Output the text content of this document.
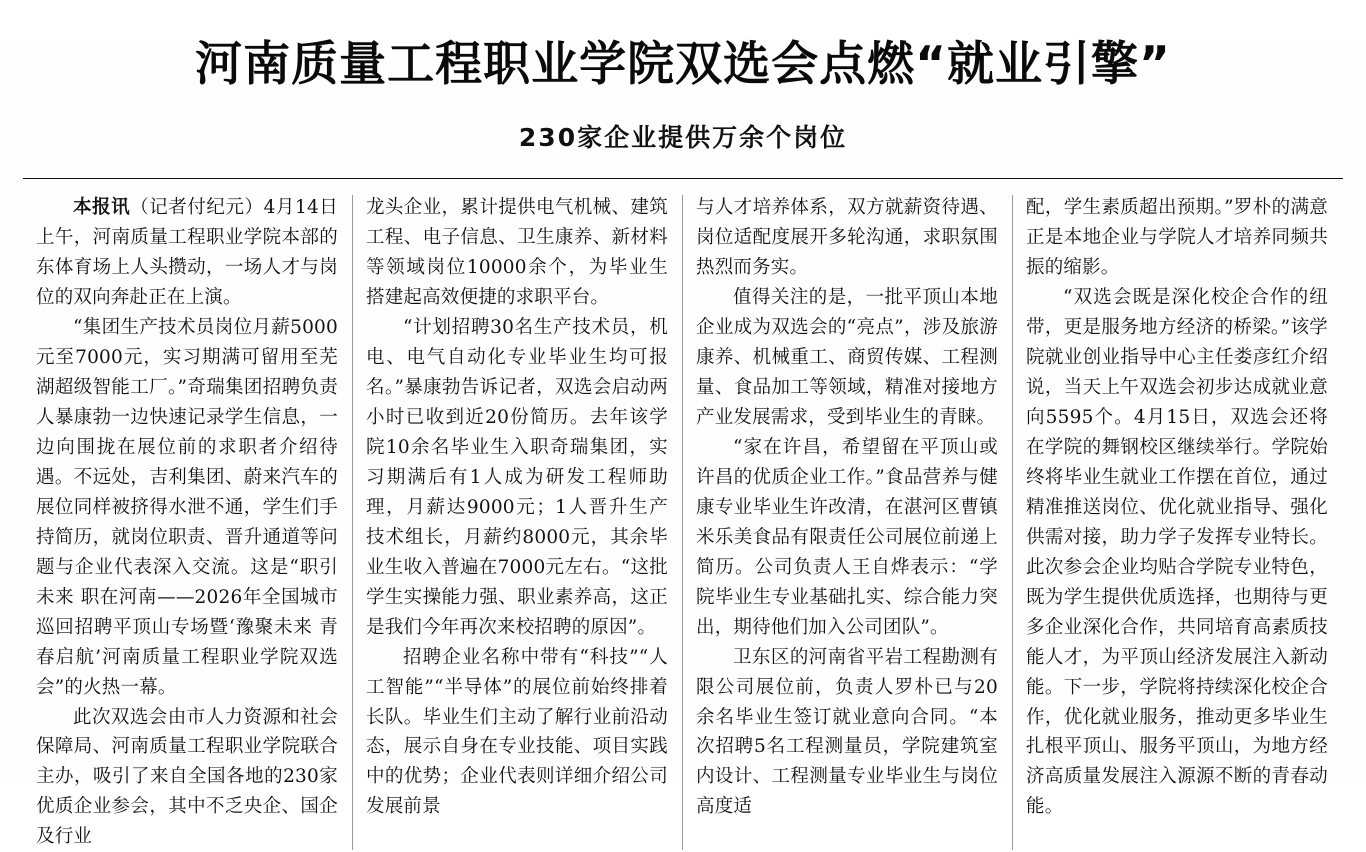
河南质量工程职业学院双选会点燃“就业引擎”
230家企业提供万余个岗位

本报讯（记者付纪元）4月14日上午，河南质量工程职业学院本部的东体育场上人头攒动，一场人才与岗位的双向奔赴正在上演。

“集团生产技术员岗位月薪5000元至7000元，实习期满可留用至芜湖超级智能工厂。”奇瑞集团招聘负责人暴康勃一边快速记录学生信息，一边向围拢在展位前的求职者介绍待遇。不远处，吉利集团、蔚来汽车的展位同样被挤得水泄不通，学生们手持简历，就岗位职责、晋升通道等问题与企业代表深入交流。这是“职引未来 职在河南——2026年全国城市巡回招聘平顶山专场暨‘豫聚未来 青春启航’河南质量工程职业学院双选会”的火热一幕。

此次双选会由市人力资源和社会保障局、河南质量工程职业学院联合主办，吸引了来自全国各地的230家优质企业参会，其中不乏央企、国企及行业

龙头企业，累计提供电气机械、建筑工程、电子信息、卫生康养、新材料等领域岗位10000余个，为毕业生搭建起高效便捷的求职平台。

“计划招聘30名生产技术员，机电、电气自动化专业毕业生均可报名。”暴康勃告诉记者，双选会启动两小时已收到近20份简历。去年该学院10余名毕业生入职奇瑞集团，实习期满后有1人成为研发工程师助理，月薪达9000元；1人晋升生产技术组长，月薪约8000元，其余毕业生收入普遍在7000元左右。“这批学生实操能力强、职业素养高，这正是我们今年再次来校招聘的原因”。

招聘企业名称中带有“科技”“人工智能”“半导体”的展位前始终排着长队。毕业生们主动了解行业前沿动态，展示自身在专业技能、项目实践中的优势；企业代表则详细介绍公司发展前景

与人才培养体系，双方就薪资待遇、岗位适配度展开多轮沟通，求职氛围热烈而务实。

值得关注的是，一批平顶山本地企业成为双选会的“亮点”，涉及旅游康养、机械重工、商贸传媒、工程测量、食品加工等领域，精准对接地方产业发展需求，受到毕业生的青睐。

“家在许昌，希望留在平顶山或许昌的优质企业工作。”食品营养与健康专业毕业生许改清，在湛河区曹镇米乐美食品有限责任公司展位前递上简历。公司负责人王自烨表示：“学院毕业生专业基础扎实、综合能力突出，期待他们加入公司团队”。

卫东区的河南省平岩工程勘测有限公司展位前，负责人罗朴已与20余名毕业生签订就业意向合同。“本次招聘5名工程测量员，学院建筑室内设计、工程测量专业毕业生与岗位高度适

配，学生素质超出预期。”罗朴的满意正是本地企业与学院人才培养同频共振的缩影。

“双选会既是深化校企合作的纽带，更是服务地方经济的桥梁。”该学院就业创业指导中心主任娄彦红介绍说，当天上午双选会初步达成就业意向5595个。4月15日，双选会还将在学院的舞钢校区继续举行。学院始终将毕业生就业工作摆在首位，通过精准推送岗位、优化就业指导、强化供需对接，助力学子发挥专业特长。此次参会企业均贴合学院专业特色，既为学生提供优质选择，也期待与更多企业深化合作，共同培育高素质技能人才，为平顶山经济发展注入新动能。下一步，学院将持续深化校企合作，优化就业服务，推动更多毕业生扎根平顶山、服务平顶山，为地方经济高质量发展注入源源不断的青春动能。
